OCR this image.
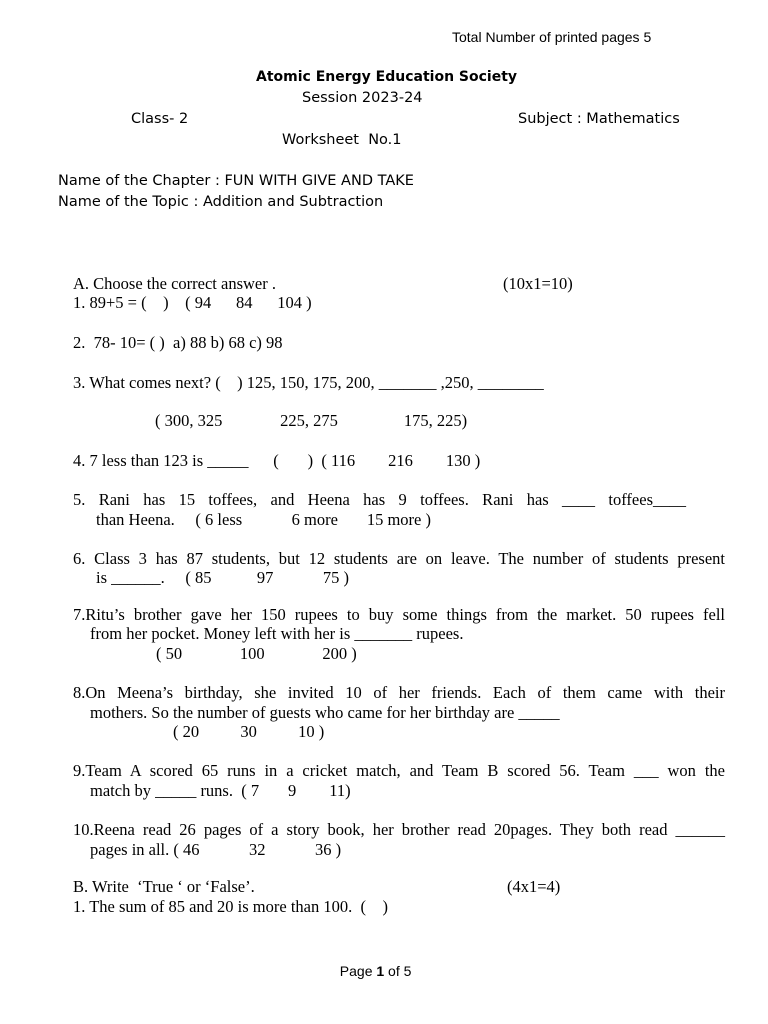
Total Number of printed pages 5
Atomic Energy Education Society
Session 2023-24
Class- 2	Subject : Mathematics
Worksheet  No.1
Name of the Chapter : FUN WITH GIVE AND TAKE
Name of the Topic : Addition and Subtraction
A. Choose the correct answer .	(10x1=10)
1. 89+5 = (    )    ( 94      84      104 )
2.  78- 10= ( )  a) 88 b) 68 c) 98
3. What comes next? (    ) 125, 150, 175, 200, _______ ,250, ________
( 300, 325              225, 275                175, 225)
4. 7 less than 123 is _____      (       )  ( 116        216        130 )
5. Rani has 15 toffees, and Heena has 9 toffees. Rani has ____ toffees____
than Heena.     ( 6 less            6 more       15 more )
6. Class 3 has 87 students, but 12 students are on leave. The number of students present
is ______.     ( 85           97            75 )
7.Ritu’s brother gave her 150 rupees to buy some things from the market. 50 rupees fell
from her pocket. Money left with her is _______ rupees.
( 50              100              200 )
8.On Meena’s birthday, she invited 10 of her friends. Each of them came with their
mothers. So the number of guests who came for her birthday are _____
( 20          30          10 )
9.Team A scored 65 runs in a cricket match, and Team B scored 56. Team ___ won the
match by _____ runs.  ( 7       9        11)
10.Reena read 26 pages of a story book, her brother read 20pages. They both read ______
pages in all. ( 46            32            36 )
B. Write  ‘True ‘ or ‘False’.	(4x1=4)
1. The sum of 85 and 20 is more than 100.  (    )

Page 1 of 5
